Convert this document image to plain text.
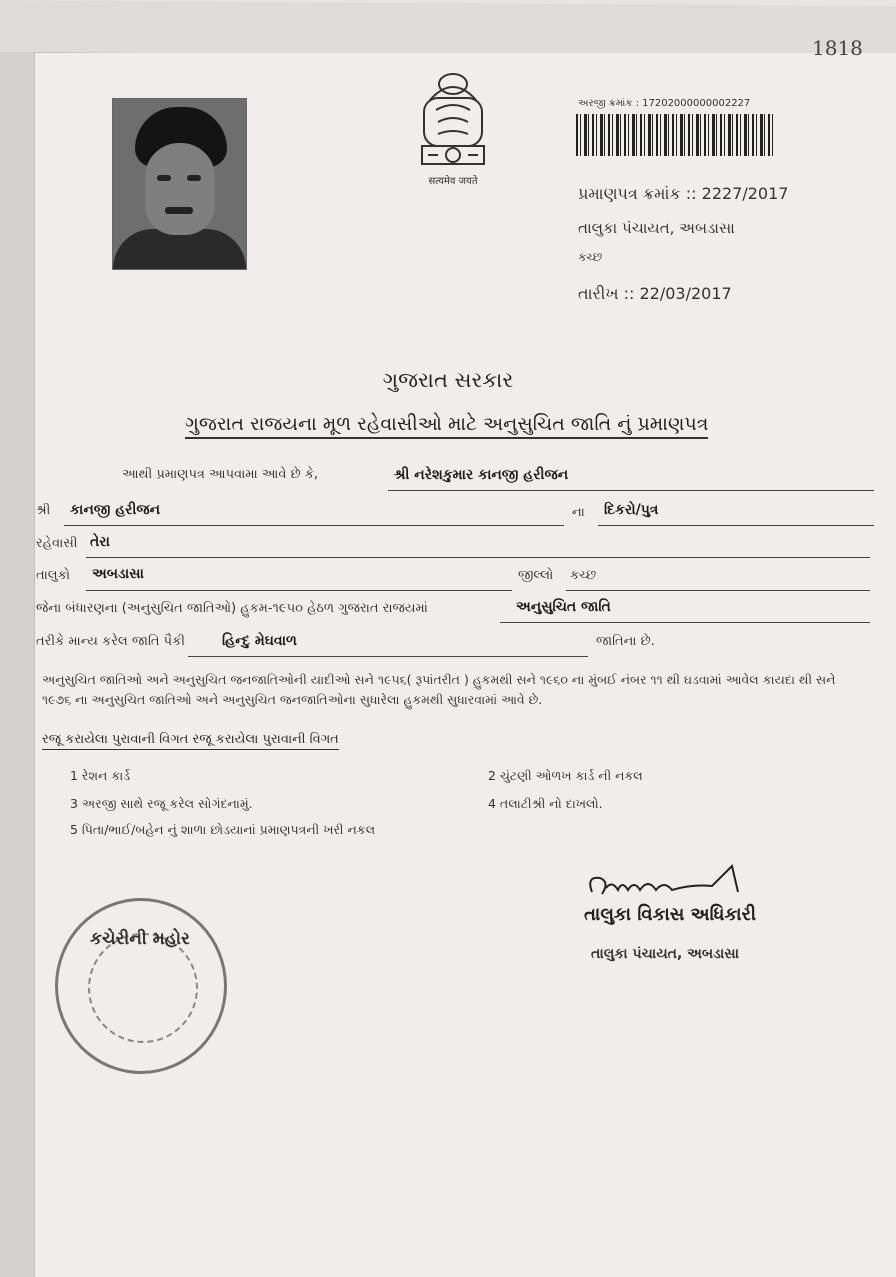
1818
सत्यमेव जयते
અરજી ક્રમાંક : 17202000000002227
પ્રમાણપત્ર ક્રમાંક :: 2227/2017
તાલુકા પંચાયત, અબડાસા
કચ્છ
તારીખ :: 22/03/2017
ગુજરાત સરકાર
ગુજરાત રાજયના મૂળ રહેવાસીઓ માટે અનુસુચિત જાતિ નું પ્રમાણપત્ર
આથી પ્રમાણપત્ર આપવામા આવે છે કે,	શ્રી નરેશકુમાર કાનજી હરીજન
શ્રી કાનજી હરીજન	ના દિકરો/પુત્ર
રહેવાસી તેરા
તાલુકો અબડાસા	જીલ્લો કચ્છ
જેના બંધારણના (અનુસુચિત જાતિઓ) હુકમ-૧૯૫૦ હેઠળ ગુજરાત રાજયમાં	અનુસુચિત જાતિ
તરીકે માન્ય કરેલ જાતિ પૈકી	હિન્દુ મેઘવાળ	જાતિના છે.
અનુસુચિત જાતિઓ અને અનુસુચિત જનજાતિઓની યાદીઓ સને ૧૯૫૬( રૂપાંતરીત ) હુકમથી સને ૧૯૬૦ ના મુંબઈ નંબર ૧૧ થી ઘડવામાં આવેલ કાયદા થી સને ૧૯૭૬ ના અનુસુચિત જાતિઓ અને અનુસુચિત જનજાતિઓના સુધારેલા હુકમથી સુધારવામાં આવે છે.
રજૂ કરાયેલા પુરાવાની વિગત રજૂ કરાયેલા પુરાવાની વિગત
1 રેશન કાર્ડ	2 ચુંટણી ઓળખ કાર્ડ ની નકલ
3 અરજી સાથે રજૂ કરેલ સોગંદનામું.	4 તલાટીશ્રી નો દાખલો.
5 પિતા/ભાઈ/બહેન નું શાળા છોડયાનાં પ્રમાણપત્રની ખરી નકલ
કચેરીની મહોર
તાલુકા વિકાસ અધિકારી
તાલુકા પંચાયત, અબડાસા
